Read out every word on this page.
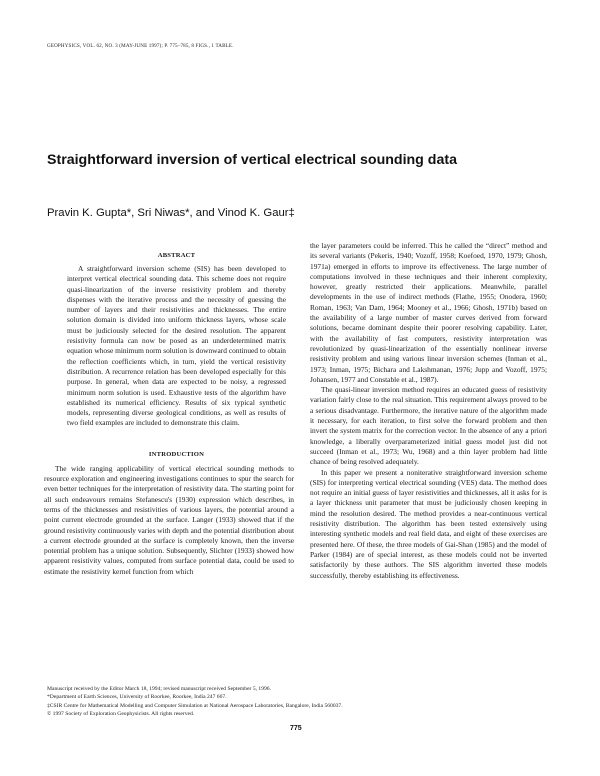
GEOPHYSICS, VOL. 62, NO. 3 (MAY-JUNE 1997); P. 775–785, 8 FIGS., 1 TABLE.
Straightforward inversion of vertical electrical sounding data
Pravin K. Gupta*, Sri Niwas*, and Vinod K. Gaur‡
ABSTRACT

A straightforward inversion scheme (SIS) has been developed to interpret vertical electrical sounding data. This scheme does not require quasi-linearization of the inverse resistivity problem and thereby dispenses with the iterative process and the necessity of guessing the number of layers and their resistivities and thicknesses. The entire solution domain is divided into uniform thickness layers, whose scale must be judiciously selected for the desired resolution. The apparent resistivity formula can now be posed as an underdetermined matrix equation whose minimum norm solution is downward continued to obtain the reflection coefficients which, in turn, yield the vertical resistivity distribution. A recurrence relation has been developed especially for this purpose. In general, when data are expected to be noisy, a regressed minimum norm solution is used. Exhaustive tests of the algorithm have established its numerical efficiency. Results of six typical synthetic models, representing diverse geological conditions, as well as results of two field examples are included to demonstrate this claim.

INTRODUCTION

The wide ranging applicability of vertical electrical sounding methods to resource exploration and engineering investigations continues to spur the search for even better techniques for the interpretation of resistivity data. The starting point for all such endeavours remains Stefanescu's (1930) expression which describes, in terms of the thicknesses and resistivities of various layers, the potential around a point current electrode grounded at the surface. Langer (1933) showed that if the ground resistivity continuously varies with depth and the potential distribution about a current electrode grounded at the surface is completely known, then the inverse potential problem has a unique solution. Subsequently, Slichter (1933) showed how apparent resistivity values, computed from surface potential data, could be used to estimate the resistivity kernel function from which

the layer parameters could be inferred. This he called the “direct” method and its several variants (Pekeris, 1940; Vozoff, 1958; Koefoed, 1970, 1979; Ghosh, 1971a) emerged in efforts to improve its effectiveness. The large number of computations involved in these techniques and their inherent complexity, however, greatly restricted their applications. Meanwhile, parallel developments in the use of indirect methods (Flathe, 1955; Onodera, 1960; Roman, 1963; Van Dam, 1964; Mooney et al., 1966; Ghosh, 1971b) based on the availability of a large number of master curves derived from forward solutions, became dominant despite their poorer resolving capability. Later, with the availability of fast computers, resistivity interpretation was revolutionized by quasi-linearization of the essentially nonlinear inverse resistivity problem and using various linear inversion schemes (Inman et al., 1973; Inman, 1975; Bichara and Lakshmanan, 1976; Jupp and Vozoff, 1975; Johansen, 1977 and Constable et al., 1987).

The quasi-linear inversion method requires an educated guess of resistivity variation fairly close to the real situation. This requirement always proved to be a serious disadvantage. Furthermore, the iterative nature of the algorithm made it necessary, for each iteration, to first solve the forward problem and then invert the system matrix for the correction vector. In the absence of any a priori knowledge, a liberally overparameterized initial guess model just did not succeed (Inman et al., 1973; Wu, 1968) and a thin layer problem had little chance of being resolved adequately.

In this paper we present a noniterative straightforward inversion scheme (SIS) for interpreting vertical electrical sounding (VES) data. The method does not require an initial guess of layer resistivities and thicknesses, all it asks for is a layer thickness unit parameter that must be judiciously chosen keeping in mind the resolution desired. The method provides a near-continuous vertical resistivity distribution. The algorithm has been tested extensively using interesting synthetic models and real field data, and eight of these exercises are presented here. Of these, the three models of Gai-Shan (1985) and the model of Parker (1984) are of special interest, as these models could not be inverted satisfactorily by these authors. The SIS algorithm inverted these models successfully, thereby establishing its effectiveness.

Manuscript received by the Editor March 18, 1994; revised manuscript received September 5, 1996.
*Department of Earth Sciences, University of Roorkee, Roorkee, India 247 667.
‡CSIR Centre for Mathematical Modelling and Computer Simulation at National Aerospace Laboratories, Bangalore, India 560037.
© 1997 Society of Exploration Geophysicists. All rights reserved.
775
